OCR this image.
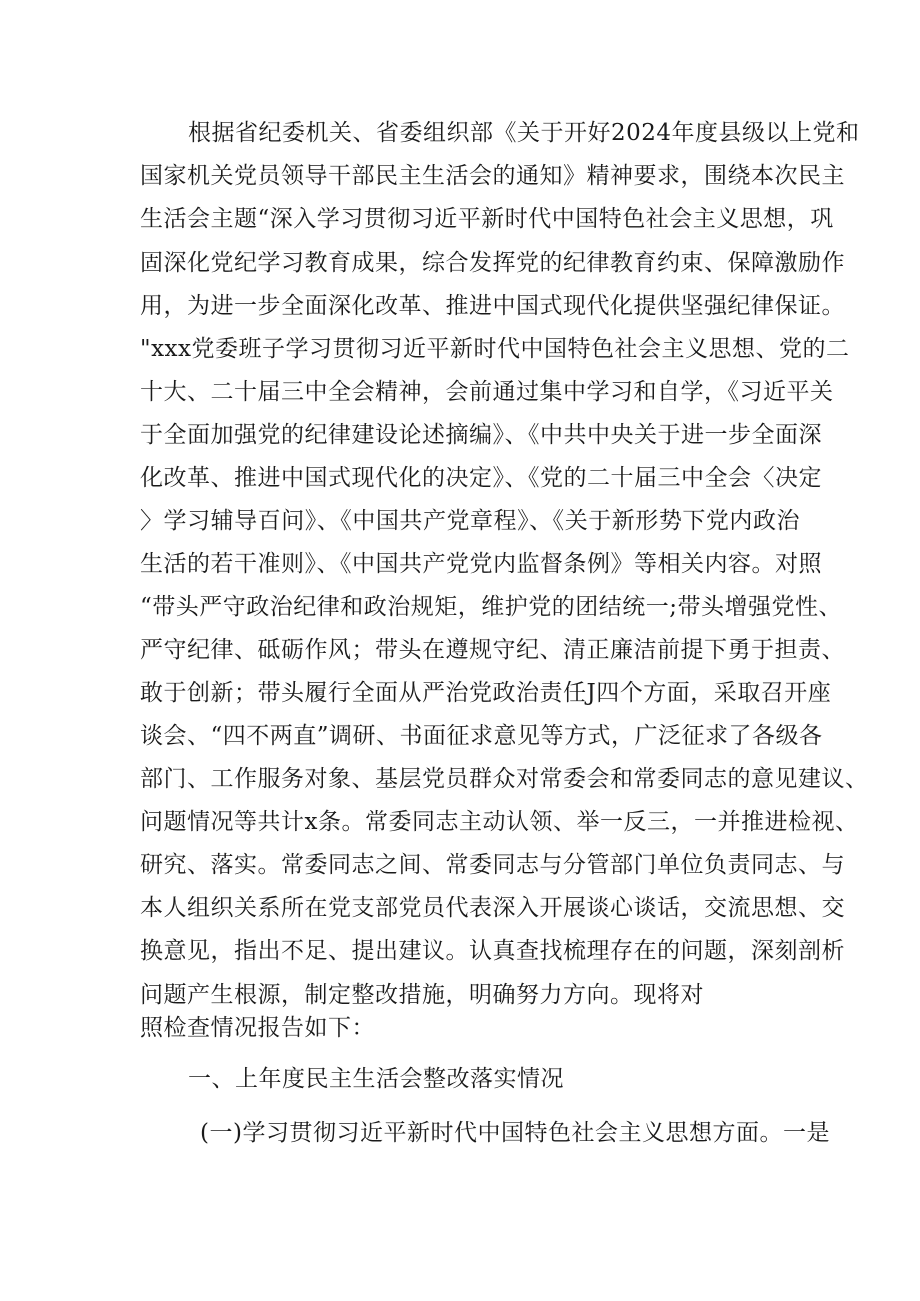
根据省纪委机关、省委组织部《关于开好2024年度县级以上党和
国家机关党员领导干部民主生活会的通知》精神要求，围绕本次民主
生活会主题“深入学习贯彻习近平新时代中国特色社会主义思想，巩
固深化党纪学习教育成果，综合发挥党的纪律教育约束、保障激励作
用，为进一步全面深化改革、推进中国式现代化提供坚强纪律保证。
"xxx党委班子学习贯彻习近平新时代中国特色社会主义思想、党的二
十大、二十届三中全会精神，会前通过集中学习和自学，《习近平关
于全面加强党的纪律建设论述摘编》、《中共中央关于进一步全面深
化改革、推进中国式现代化的决定》、《党的二十届三中全会〈决定
〉学习辅导百问》、《中国共产党章程》、《关于新形势下党内政治
生活的若干准则》、《中国共产党党内监督条例》等相关内容。对照
“带头严守政治纪律和政治规矩，维护党的团结统一;带头增强党性、
严守纪律、砥砺作风；带头在遵规守纪、清正廉洁前提下勇于担责、
敢于创新；带头履行全面从严治党政治责任J四个方面，采取召开座
谈会、“四不两直”调研、书面征求意见等方式，广泛征求了各级各
部门、工作服务对象、基层党员群众对常委会和常委同志的意见建议、
问题情况等共计x条。常委同志主动认领、举一反三，一并推进检视、
研究、落实。常委同志之间、常委同志与分管部门单位负责同志、与
本人组织关系所在党支部党员代表深入开展谈心谈话，交流思想、交
换意见，指出不足、提出建议。认真查找梳理存在的问题，深刻剖析
问题产生根源，制定整改措施，明确努力方向。现将对
照检查情况报告如下：
一、上年度民主生活会整改落实情况
(一)学习贯彻习近平新时代中国特色社会主义思想方面。一是
